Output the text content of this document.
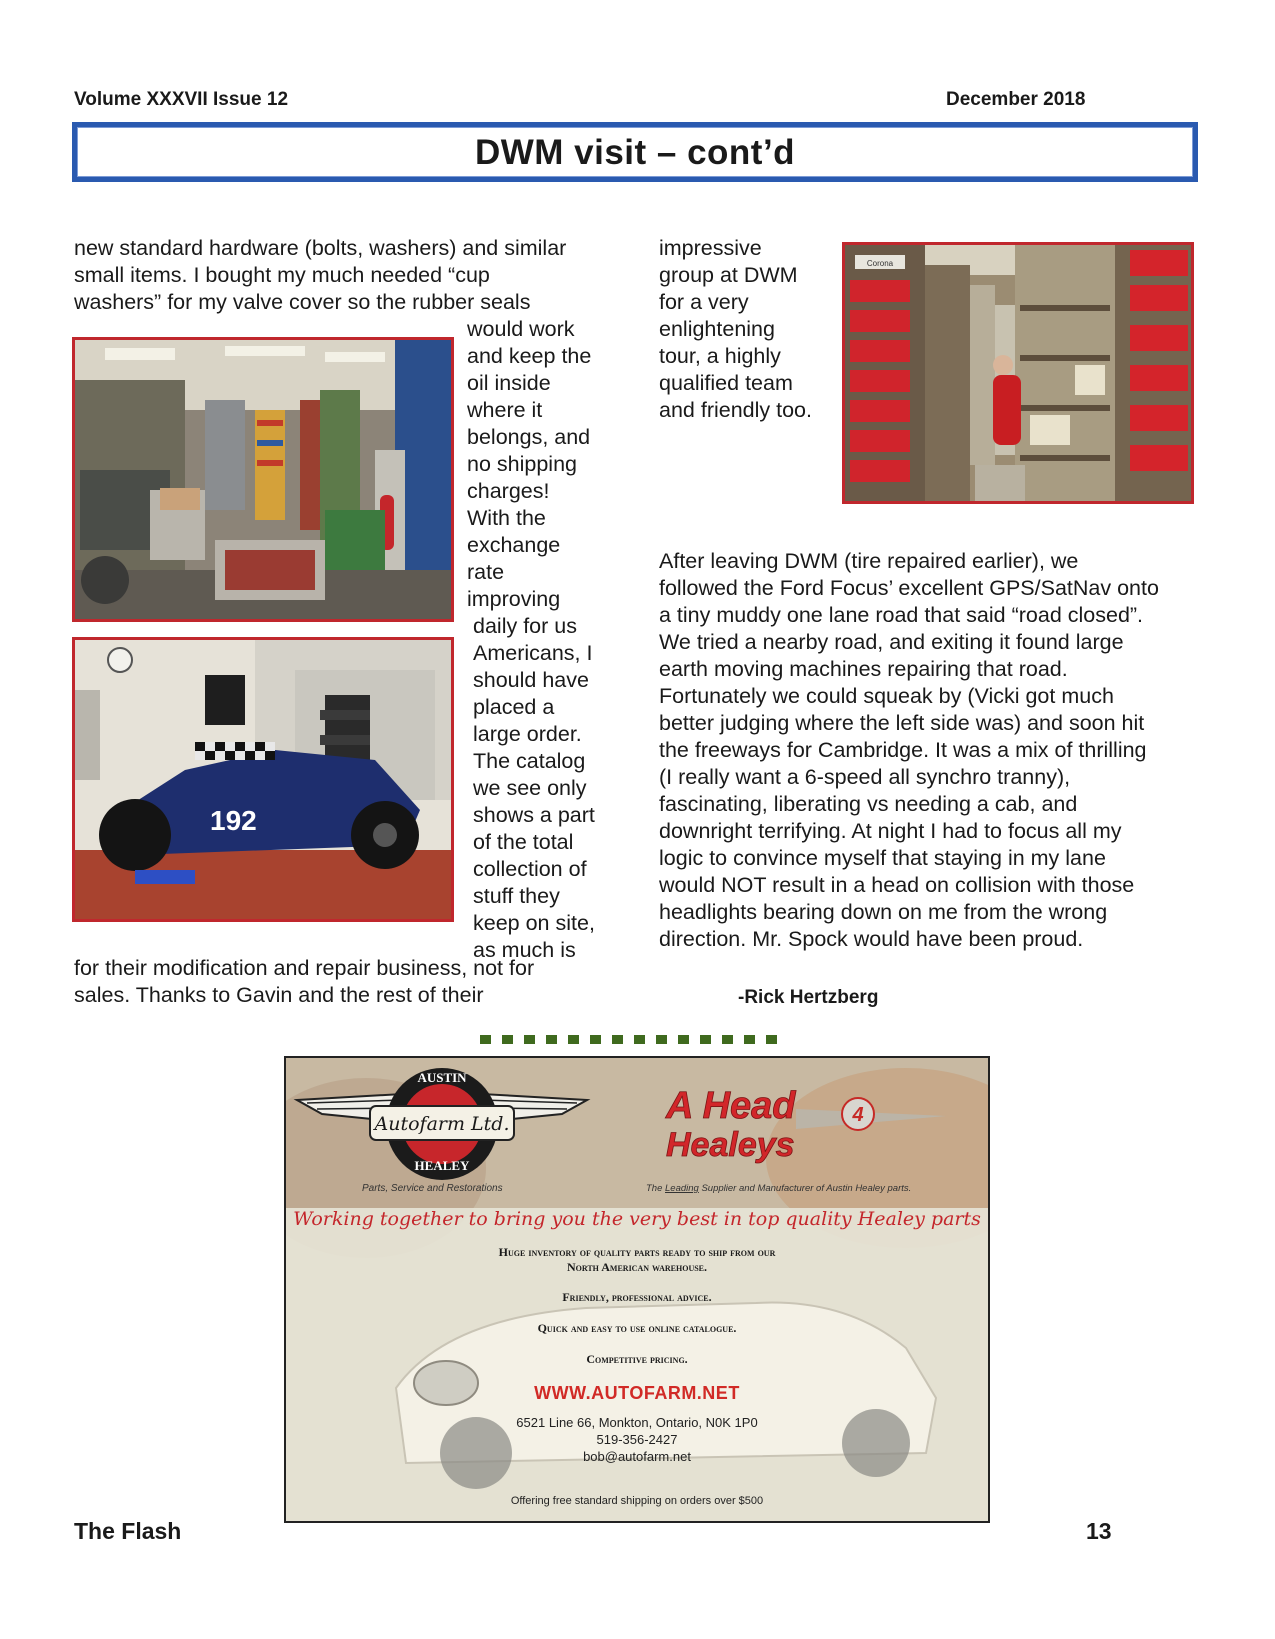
Volume XXXVII Issue 12	December 2018
DWM visit – cont’d
new standard hardware (bolts, washers) and similar
small items. I bought my much needed “cup
washers” for my valve cover so the rubber seals
would work
and keep the
oil inside
where it
belongs, and
no shipping
charges!
With the
exchange
rate
improving
daily for us
Americans, I
should have
placed a
large order.
The catalog
we see only
shows a part
of the total
collection of
stuff they
keep on site,
as much is
for their modification and repair business, not for
sales. Thanks to Gavin and the rest of their
192
impressive
group at DWM
for a very
enlightening
tour, a highly
qualified team
and friendly too.
Corona
After leaving DWM (tire repaired earlier), we
followed the Ford Focus’ excellent GPS/SatNav onto
a tiny muddy one lane road that said “road closed”.
We tried a nearby road, and exiting it found large
earth moving machines repairing that road.
Fortunately we could squeak by (Vicki got much
better judging where the left side was) and soon hit
the freeways for Cambridge. It was a mix of thrilling
(I really want a 6-speed all synchro tranny),
fascinating, liberating vs needing a cab, and
downright terrifying. At night I had to focus all my
logic to convince myself that staying in my lane
would NOT result in a head on collision with those
headlights bearing down on me from the wrong
direction. Mr. Spock would have been proud.
-Rick Hertzberg
AUSTIN
Autofarm Ltd.
HEALEY
Parts, Service and Restorations
4
A Head
Healeys
The Leading Supplier and Manufacturer of Austin Healey parts.
Working together to bring you the very best in top quality Healey parts
Huge inventory of quality parts ready to ship from our
North American warehouse.
Friendly, professional advice.
Quick and easy to use online catalogue.
Competitive pricing.
WWW.AUTOFARM.NET
6521 Line 66, Monkton, Ontario, N0K 1P0
519-356-2427
bob@autofarm.net
Offering free standard shipping on orders over $500
The Flash	13
